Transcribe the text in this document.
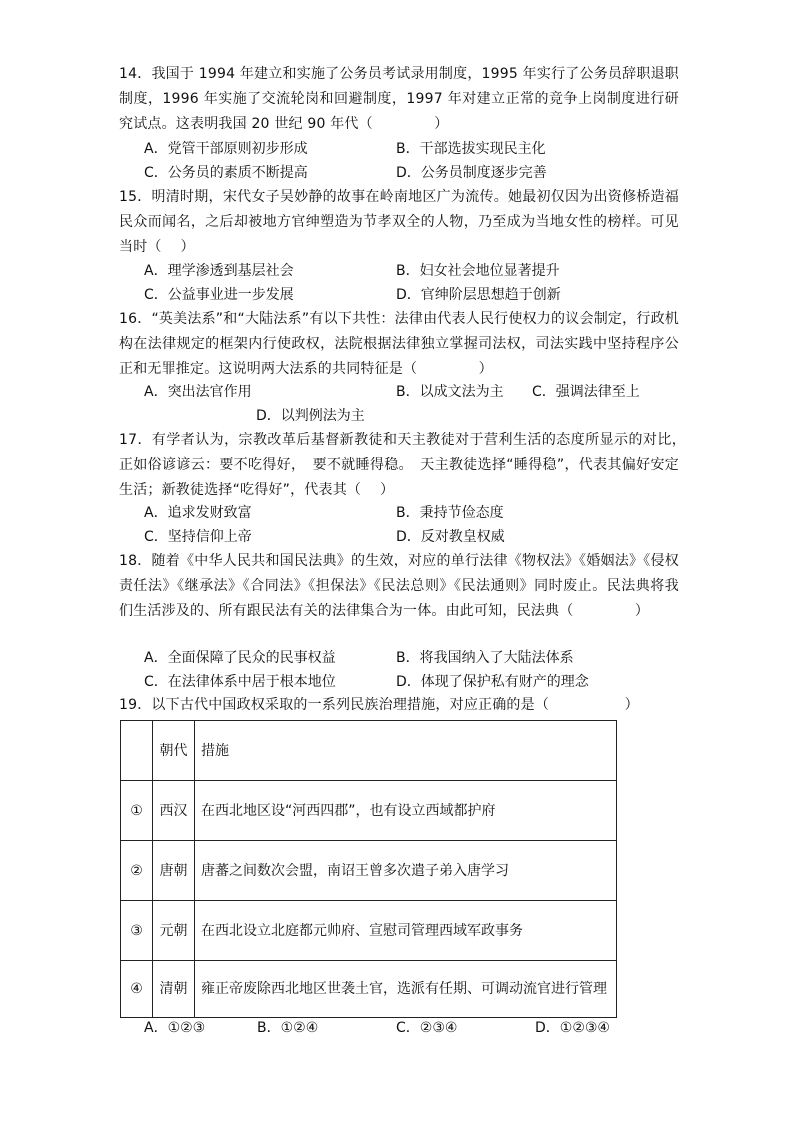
14．我国于 1994 年建立和实施了公务员考试录用制度，1995 年实行了公务员辞职退职制度，1996 年实施了交流轮岗和回避制度，1997 年对建立正常的竞争上岗制度进行研究试点。这表明我国 20 世纪 90 年代（ 　　　　）
A．党管干部原则初步形成	B．干部选拔实现民主化
C．公务员的素质不断提高	D．公务员制度逐步完善
15．明清时期，宋代女子吴妙静的故事在岭南地区广为流传。她最初仅因为出资修桥造福民众而闻名，之后却被地方官绅塑造为节孝双全的人物，乃至成为当地女性的榜样。可见当时（　 ）
A．理学渗透到基层社会	B．妇女社会地位显著提升
C．公益事业进一步发展	D．官绅阶层思想趋于创新
16．“英美法系”和“大陆法系”有以下共性：法律由代表人民行使权力的议会制定，行政机构在法律规定的框架内行使政权，法院根据法律独立掌握司法权，司法实践中坚持程序公正和无罪推定。这说明两大法系的共同特征是（ 　　　　）
A．突出法官作用	B．以成文法为主 C．强调法律至上
D．以判例法为主
17．有学者认为，宗教改革后基督新教徒和天主教徒对于营利生活的态度所显示的对比，　正如俗谚谚云：要不吃得好，　要不就睡得稳。　天主教徒选择“睡得稳”，代表其偏好安定生活；新教徒选择“吃得好”，代表其（　 ）
A．追求发财致富	B．秉持节俭态度
C．坚持信仰上帝	D．反对教皇权威
18．随着《中华人民共和国民法典》的生效，对应的单行法律《物权法》《婚姻法》《侵权责任法》《继承法》《合同法》《担保法》《民法总则》《民法通则》同时废止。民法典将我们生活涉及的、所有跟民法有关的法律集合为一体。由此可知，民法典（ 　　　　）
A．全面保障了民众的民事权益	B．将我国纳入了大陆法体系
C．在法律体系中居于根本地位	D．体现了保护私有财产的理念
19．以下古代中国政权采取的一系列民族治理措施，对应正确的是（ 　　　　　）
	朝代	措施
①	西汉	在西北地区设“河西四郡”，也有设立西域都护府
②	唐朝	唐蕃之间数次会盟，南诏王曾多次遣子弟入唐学习
③	元朝	在西北设立北庭都元帅府、宣慰司管理西域军政事务
④	清朝	雍正帝废除西北地区世袭土官，选派有任期、可调动流官进行管理
A．①②③	B．①②④	C．②③④	D．①②③④
